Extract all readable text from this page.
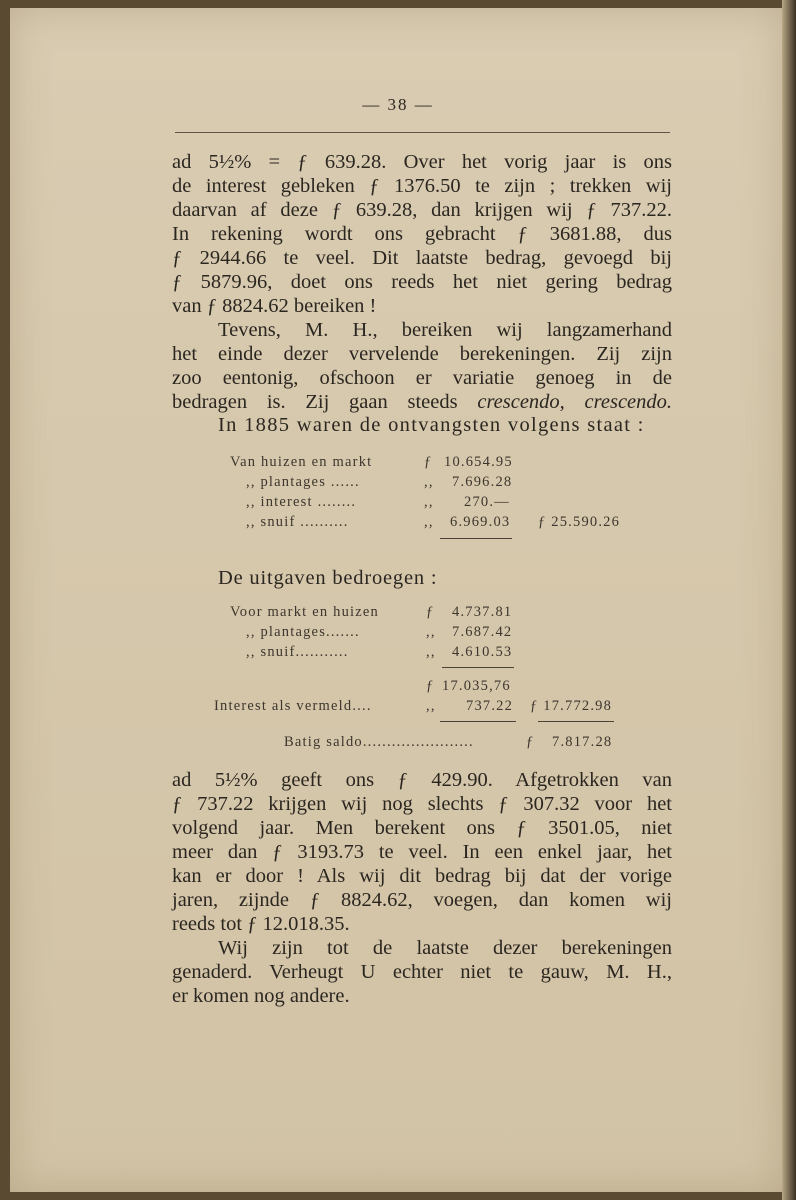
— 38 —

ad 5½% = ƒ 639.28. Over het vorig jaar is ons

de interest gebleken ƒ 1376.50 te zijn ; trekken wij

daarvan af deze ƒ 639.28, dan krijgen wij ƒ 737.22.

In rekening wordt ons gebracht ƒ 3681.88, dus

ƒ 2944.66 te veel. Dit laatste bedrag, gevoegd bij

ƒ 5879.96, doet ons reeds het niet gering bedrag

van ƒ 8824.62 bereiken !

Tevens, M. H., bereiken wij langzamerhand

het einde dezer vervelende berekeningen. Zij zijn

zoo eentonig, ofschoon er variatie genoeg in de

bedragen is. Zij gaan steeds crescendo, crescendo.

In 1885 waren de ontvangsten volgens staat :
Van huizen en markt	ƒ 10.654.95
,, plantages ......	,, 7.696.28
,, interest ........	,, 270.—
,, snuif ..........	,, 6.969.03 ƒ 25.590.26
De uitgaven bedroegen :
Voor markt en huizen	ƒ 4.737.81
,, plantages.......	,, 7.687.42
,, snuif...........	,, 4.610.53
ƒ 17.035,76
Interest als vermeld....	,, 737.22 ƒ 17.772.98
Batig saldo.......................	ƒ 7.817.28

ad 5½% geeft ons ƒ 429.90. Afgetrokken van

ƒ 737.22 krijgen wij nog slechts ƒ 307.32 voor het

volgend jaar. Men berekent ons ƒ 3501.05, niet

meer dan ƒ 3193.73 te veel. In een enkel jaar, het

kan er door ! Als wij dit bedrag bij dat der vorige

jaren, zijnde ƒ 8824.62, voegen, dan komen wij

reeds tot ƒ 12.018.35.

Wij zijn tot de laatste dezer berekeningen

genaderd. Verheugt U echter niet te gauw, M. H.,

er komen nog andere.
